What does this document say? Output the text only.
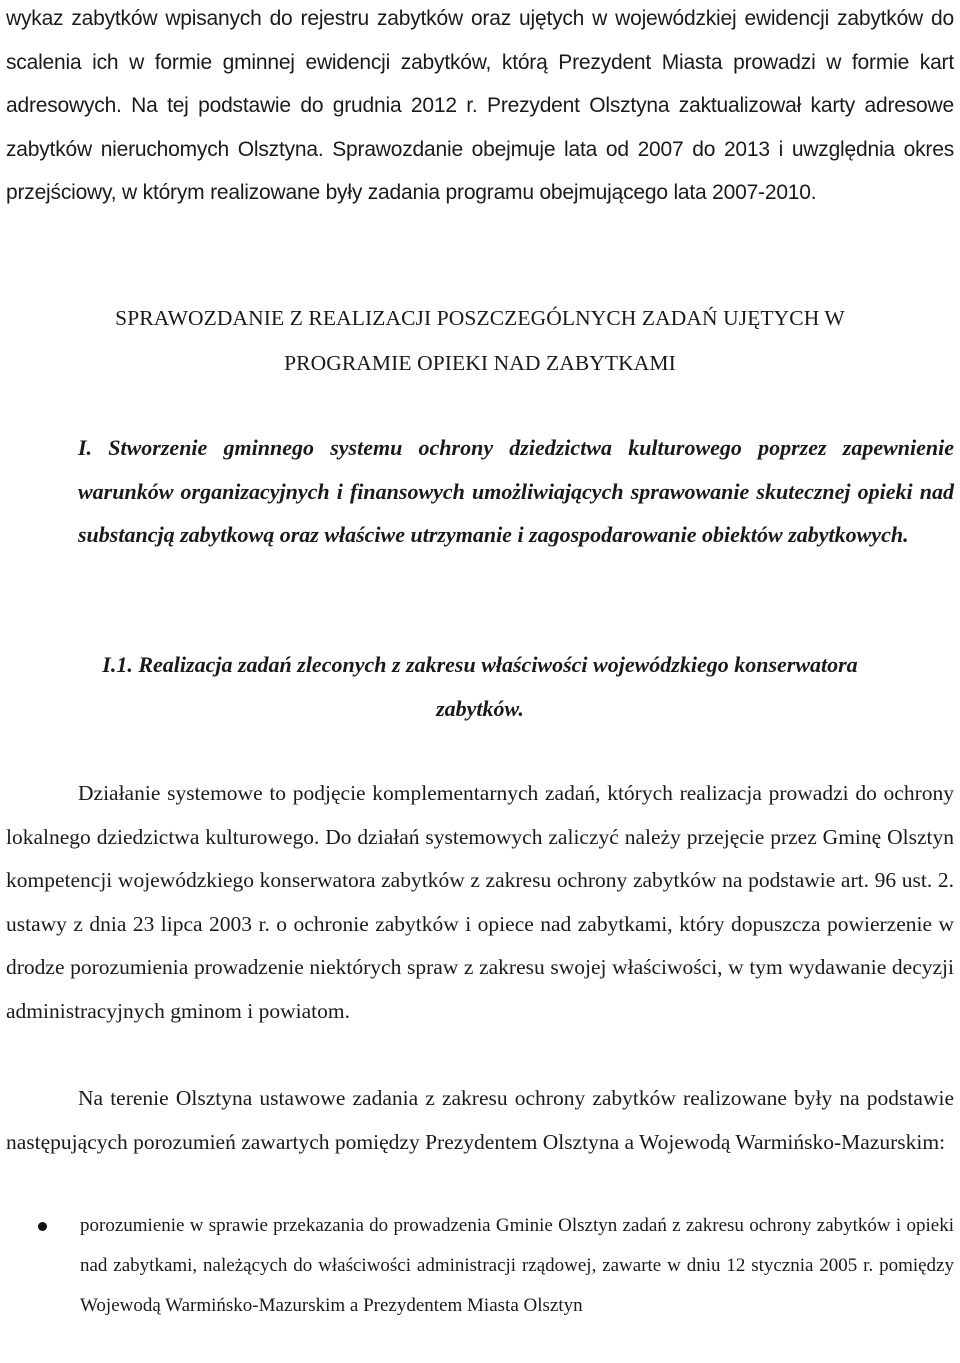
wykaz zabytków wpisanych do rejestru zabytków oraz ujętych w wojewódzkiej ewidencji zabytków do scalenia ich w formie gminnej ewidencji zabytków, którą Prezydent Miasta prowadzi w formie kart adresowych. Na tej podstawie do grudnia 2012 r. Prezydent Olsztyna zaktualizował karty adresowe zabytków nieruchomych Olsztyna. Sprawozdanie obejmuje lata od 2007 do 2013 i uwzględnia okres przejściowy, w którym realizowane były zadania programu obejmującego lata 2007-2010.

SPRAWOZDANIE Z REALIZACJI POSZCZEGÓLNYCH ZADAŃ UJĘTYCH W
PROGRAMIE OPIEKI NAD ZABYTKAMI
I. Stworzenie gminnego systemu ochrony dziedzictwa kulturowego poprzez zapewnienie warunków organizacyjnych i finansowych umożliwiających sprawowanie skutecznej opieki nad substancją zabytkową oraz właściwe utrzymanie i zagospodarowanie obiektów zabytkowych.
I.1. Realizacja zadań zleconych z zakresu właściwości wojewódzkiego konserwatora
zabytków.

Działanie systemowe to podjęcie komplementarnych zadań, których realizacja prowadzi do ochrony lokalnego dziedzictwa kulturowego. Do działań systemowych zaliczyć należy przejęcie przez Gminę Olsztyn kompetencji wojewódzkiego konserwatora zabytków z zakresu ochrony zabytków na podstawie art. 96 ust. 2. ustawy z dnia 23 lipca 2003 r. o ochronie zabytków i opiece nad zabytkami, który dopuszcza powierzenie w drodze porozumienia prowadzenie niektórych spraw z zakresu swojej właściwości, w tym wydawanie decyzji administracyjnych gminom i powiatom.

Na terenie Olsztyna ustawowe zadania z zakresu ochrony zabytków realizowane były na podstawie następujących porozumień zawartych pomiędzy Prezydentem Olsztyna a Wojewodą Warmińsko-Mazurskim:

porozumienie w sprawie przekazania do prowadzenia Gminie Olsztyn zadań z zakresu ochrony zabytków i opieki nad zabytkami, należących do właściwości administracji rządowej, zawarte w dniu 12 stycznia 2005 r. pomiędzy Wojewodą Warmińsko-Mazurskim a Prezydentem Miasta Olsztyn
